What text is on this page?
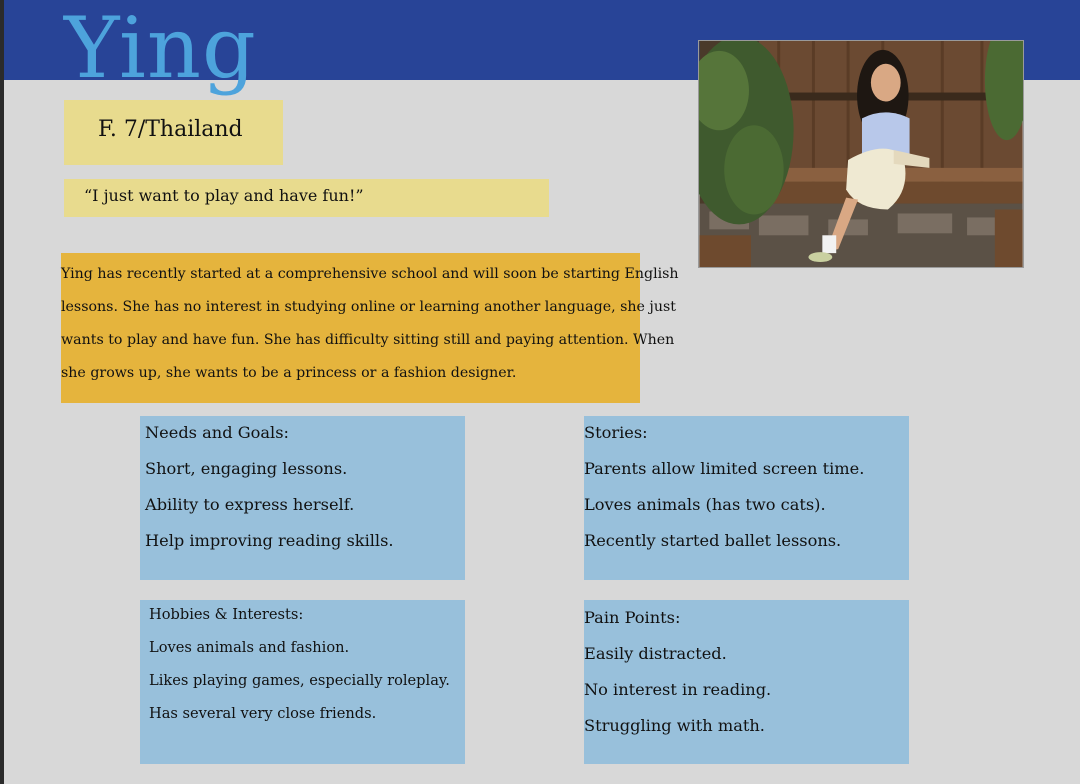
Ying
F. 7/Thailand
“I just want to play and have fun!”

Ying has recently started at a comprehensive school and will soon be starting English lessons. She has no interest in studying online or learning another language, she just wants to play and have fun. She has difficulty sitting still and paying attention. When she grows up, she wants to be a princess or a fashion designer.

Needs and Goals:
Short, engaging lessons.
Ability to express herself.
Help improving reading skills.
Stories:
Parents allow limited screen time.
Loves animals (has two cats).
Recently started ballet lessons.
Hobbies & Interests:
Loves animals and fashion.
Likes playing games, especially roleplay.
Has several very close friends.
Pain Points:
Easily distracted.
No interest in reading.
Struggling with math.
